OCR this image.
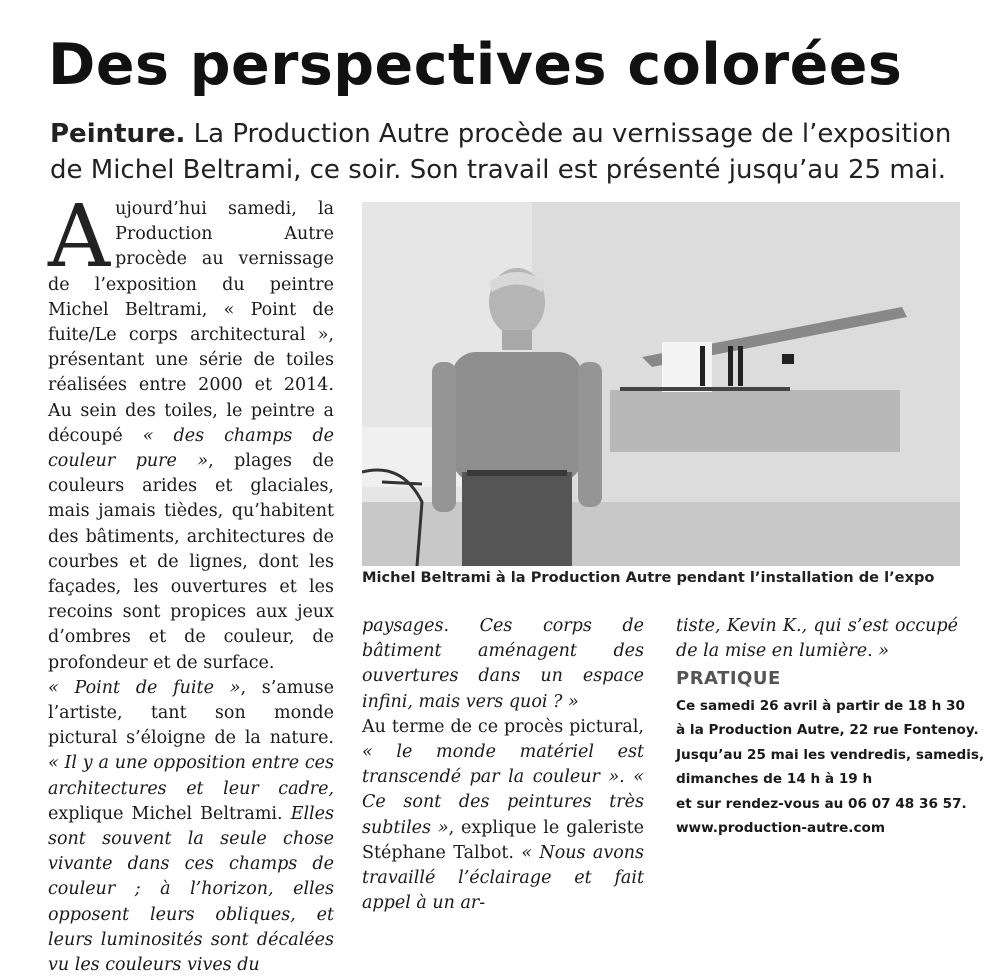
Des perspectives colorées
Peinture. La Production Autre procède au vernissage de l’exposition
de Michel Beltrami, ce soir. Son travail est présenté jusqu’au 25 mai.

Aujourd’hui samedi, la Production Autre procède au vernissage de l’exposition du peintre Michel Beltrami, « Point de fuite/Le corps architectural », présentant une série de toiles réalisées entre 2000 et 2014. Au sein des toiles, le peintre a découpé « des champs de couleur pure », plages de couleurs arides et glaciales, mais jamais tièdes, qu’habitent des bâtiments, architectures de courbes et de lignes, dont les façades, les ouvertures et les recoins sont propices aux jeux d’ombres et de couleur, de profondeur et de surface.

« Point de fuite », s’amuse l’artiste, tant son monde pictural s’éloigne de la nature. « Il y a une opposition entre ces architectures et leur cadre, explique Michel Beltrami. Elles sont souvent la seule chose vivante dans ces champs de couleur ; à l’horizon, elles opposent leurs obliques, et leurs luminosités sont décalées vu les couleurs vives du

Michel Beltrami à la Production Autre pendant l’installation de l’expo

paysages. Ces corps de bâtiment aménagent des ouvertures dans un espace infini, mais vers quoi ? »

Au terme de ce procès pictural, « le monde matériel est transcendé par la couleur ». « Ce sont des peintures très subtiles », explique le galeriste Stéphane Talbot. « Nous avons travaillé l’éclairage et fait appel à un ar-

tiste, Kevin K., qui s’est occupé de la mise en lumière. »

PRATIQUE

Ce samedi 26 avril à partir de 18 h 30

à la Production Autre, 22 rue Fontenoy.

Jusqu’au 25 mai les vendredis, samedis,

dimanches de 14 h à 19 h

et sur rendez-vous au 06 07 48 36 57.

www.production-autre.com
